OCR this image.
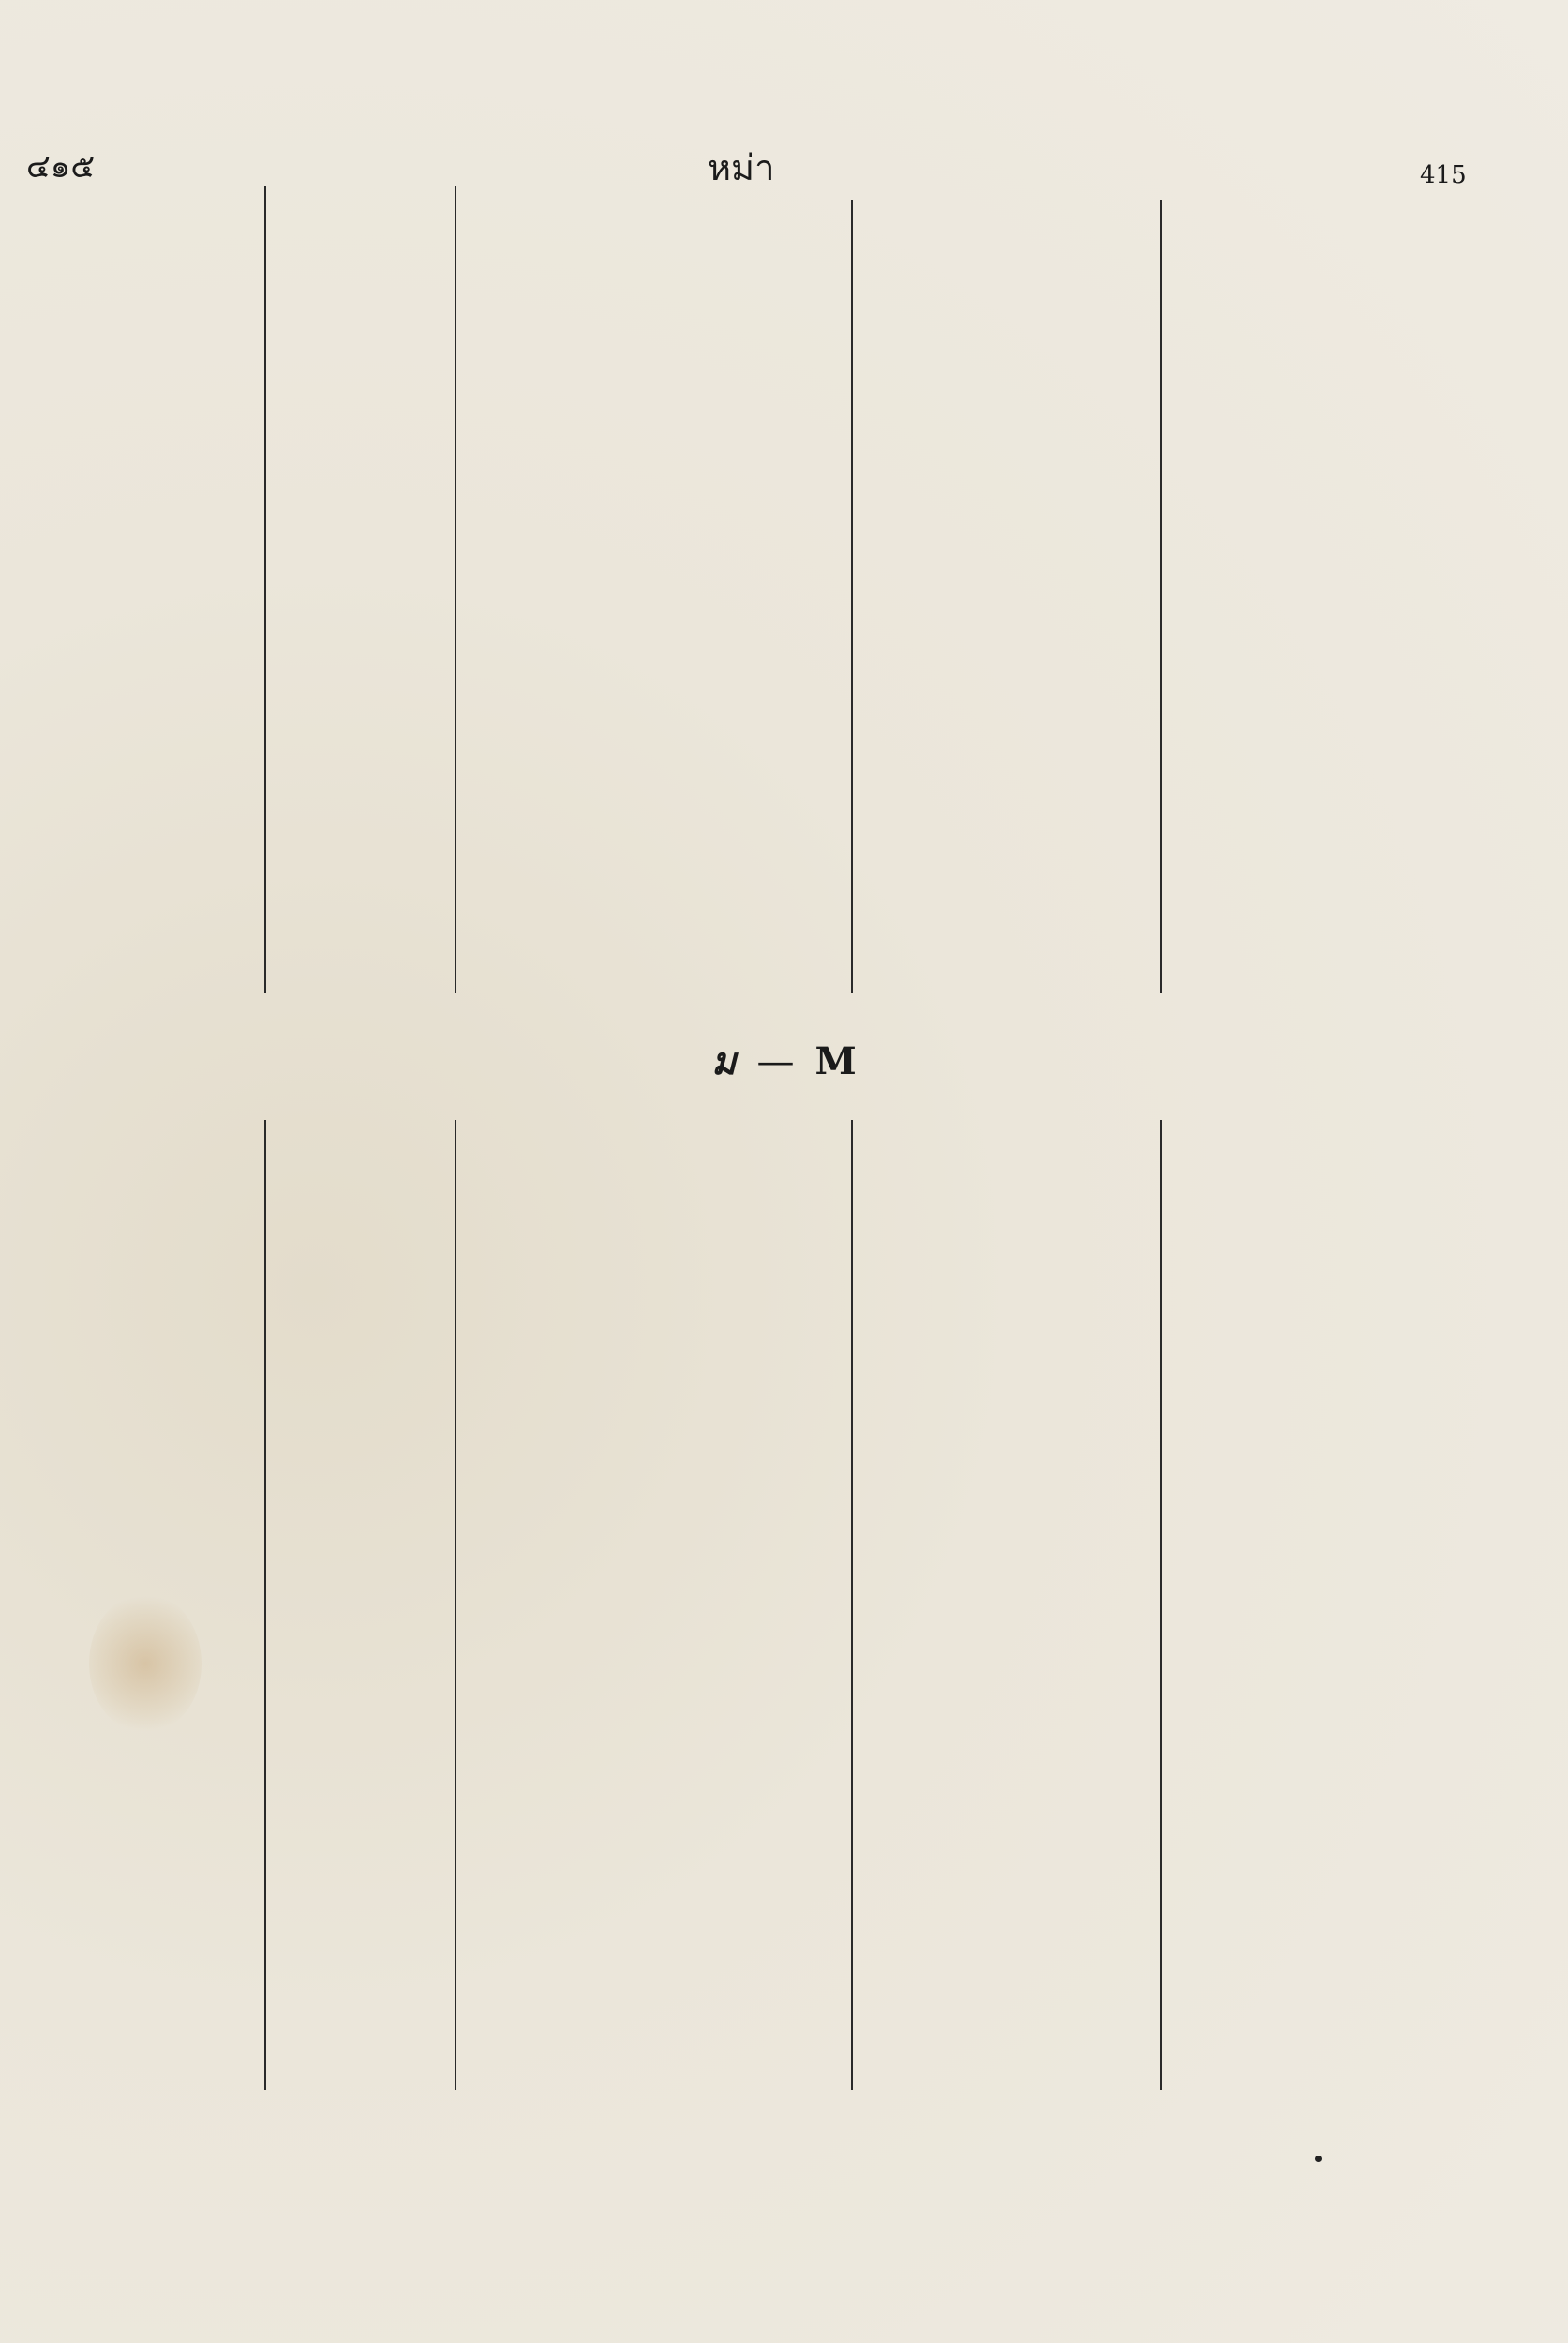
๔๑๕	หม่า	415
ม — M
